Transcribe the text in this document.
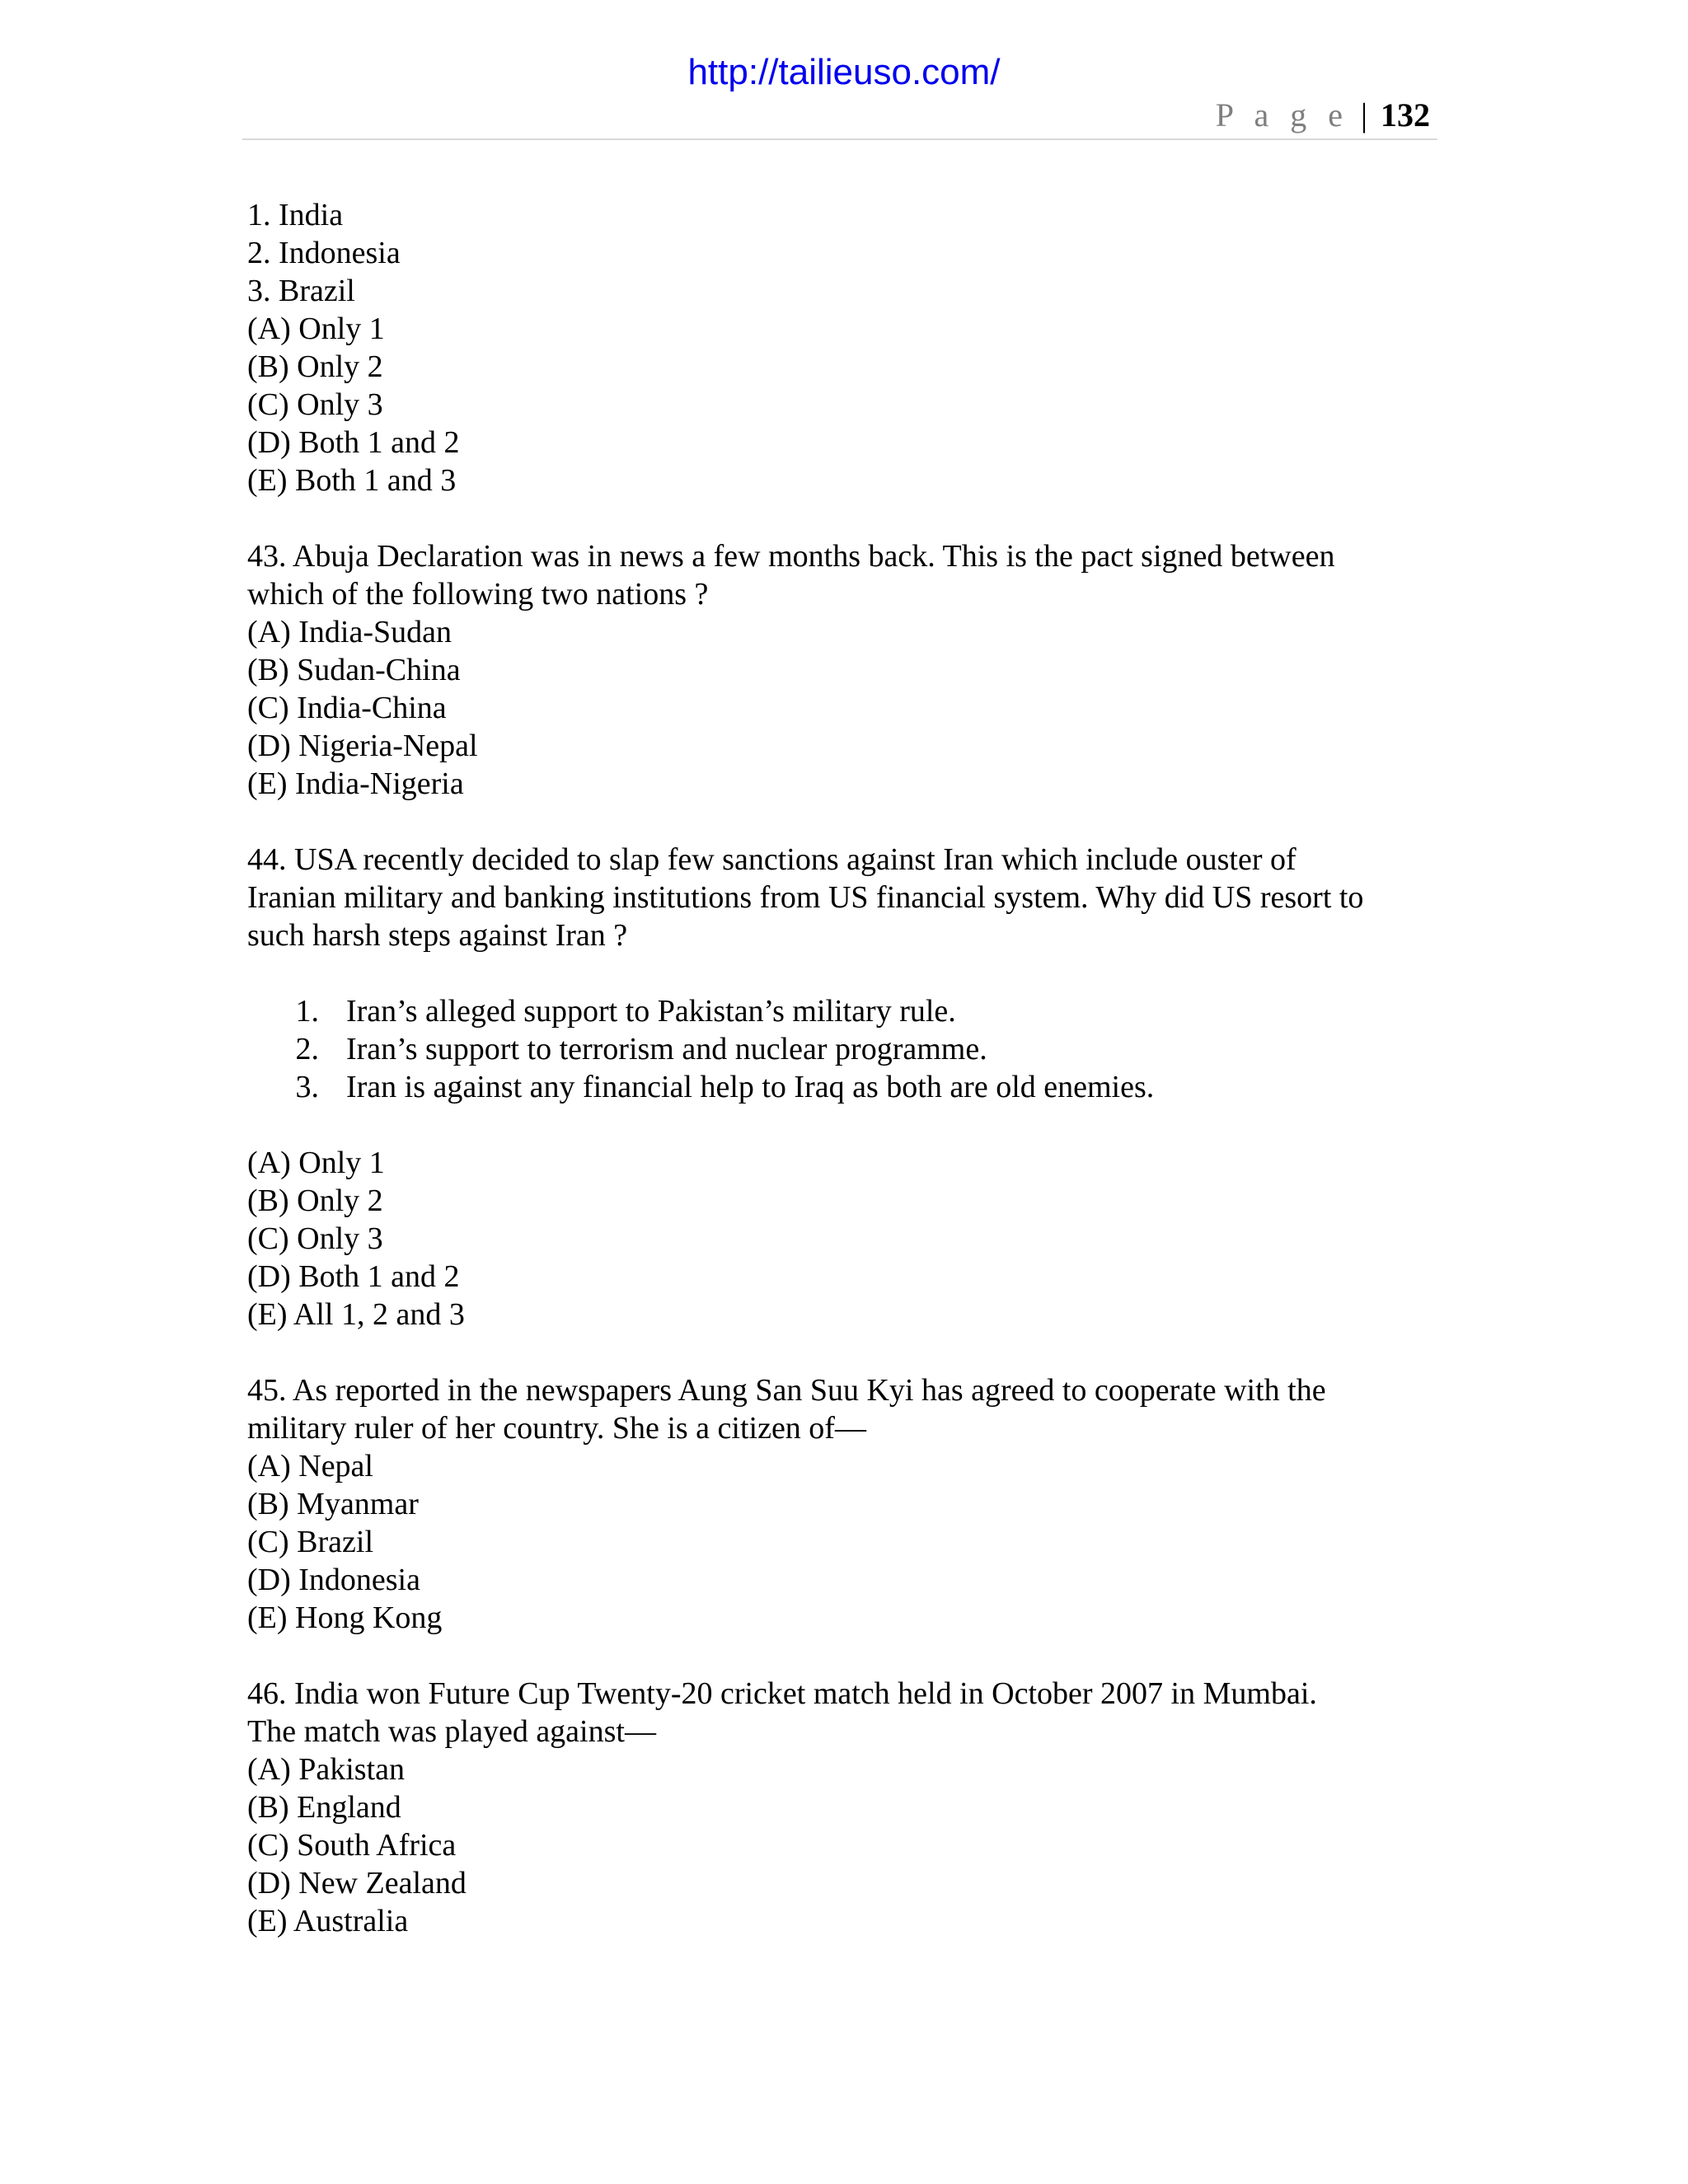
http://tailieuso.com/
P a g e | 132
1. India
2. Indonesia
3. Brazil
(A) Only 1
(B) Only 2
(C) Only 3
(D) Both 1 and 2
(E) Both 1 and 3
43. Abuja Declaration was in news a few months back. This is the pact signed between
which of the following two nations ?
(A) India-Sudan
(B) Sudan-China
(C) India-China
(D) Nigeria-Nepal
(E) India-Nigeria
44. USA recently decided to slap few sanctions against Iran which include ouster of
Iranian military and banking institutions from US financial system. Why did US resort to
such harsh steps against Iran ?
1. Iran’s alleged support to Pakistan’s military rule.
2. Iran’s support to terrorism and nuclear programme.
3. Iran is against any financial help to Iraq as both are old enemies.
(A) Only 1
(B) Only 2
(C) Only 3
(D) Both 1 and 2
(E) All 1, 2 and 3
45. As reported in the newspapers Aung San Suu Kyi has agreed to cooperate with the
military ruler of her country. She is a citizen of—
(A) Nepal
(B) Myanmar
(C) Brazil
(D) Indonesia
(E) Hong Kong
46. India won Future Cup Twenty-20 cricket match held in October 2007 in Mumbai.
The match was played against—
(A) Pakistan
(B) England
(C) South Africa
(D) New Zealand
(E) Australia
